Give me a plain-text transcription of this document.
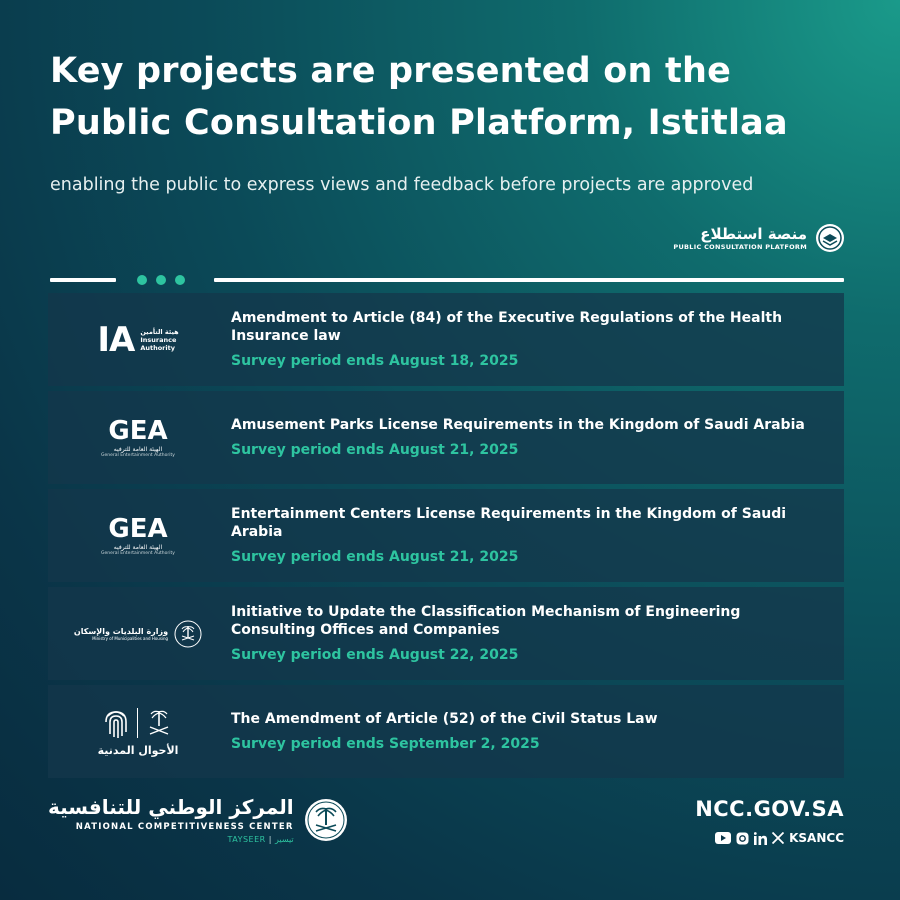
Key projects are presented on the Public Consultation Platform, Istitlaa

enabling the public to express views and feedback before projects are approved

منصة استطلاع
PUBLIC CONSULTATION PLATFORM
IA هيئة التأمين
Insurance
Authority
Amendment to Article (84) of the Executive Regulations of the Health Insurance law
Survey period ends August 18, 2025
GEA
الهيئة العامة للترفيه
General Entertainment Authority
Amusement Parks License Requirements in the Kingdom of Saudi Arabia
Survey period ends August 21, 2025
GEA
الهيئة العامة للترفيه
General Entertainment Authority
Entertainment Centers License Requirements in the Kingdom of Saudi Arabia
Survey period ends August 21, 2025
وزارة البلديات والإسكان
Ministry of Municipalities and Housing
Initiative to Update the Classification Mechanism of Engineering Consulting Offices and Companies
Survey period ends August 22, 2025
الأحوال المدنية
The Amendment of Article (52) of the Civil Status Law
Survey period ends September 2, 2025
المركز الوطني للتنافسية
NATIONAL COMPETITIVENESS CENTER
TAYSEER | تيسير
NCC.GOV.SA
KSANCC
